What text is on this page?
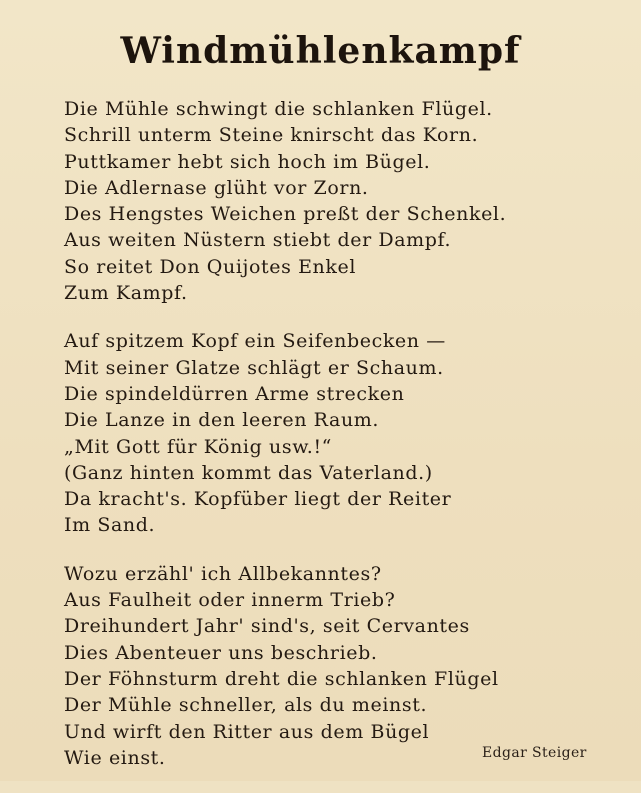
Windmühlenkampf
Die Mühle schwingt die schlanken Flügel.
Schrill unterm Steine knirscht das Korn.
Puttkamer hebt sich hoch im Bügel.
Die Adlernase glüht vor Zorn.
Des Hengstes Weichen preßt der Schenkel.
Aus weiten Nüstern stiebt der Dampf.
So reitet Don Quijotes Enkel
Zum Kampf.
Auf spitzem Kopf ein Seifenbecken —
Mit seiner Glatze schlägt er Schaum.
Die spindeldürren Arme strecken
Die Lanze in den leeren Raum.
„Mit Gott für König usw.!“
(Ganz hinten kommt das Vaterland.)
Da kracht's. Kopfüber liegt der Reiter
Im Sand.
Wozu erzähl' ich Allbekanntes?
Aus Faulheit oder innerm Trieb?
Dreihundert Jahr' sind's, seit Cervantes
Dies Abenteuer uns beschrieb.
Der Föhnsturm dreht die schlanken Flügel
Der Mühle schneller, als du meinst.
Und wirft den Ritter aus dem Bügel
Wie einst.	Edgar Steiger
